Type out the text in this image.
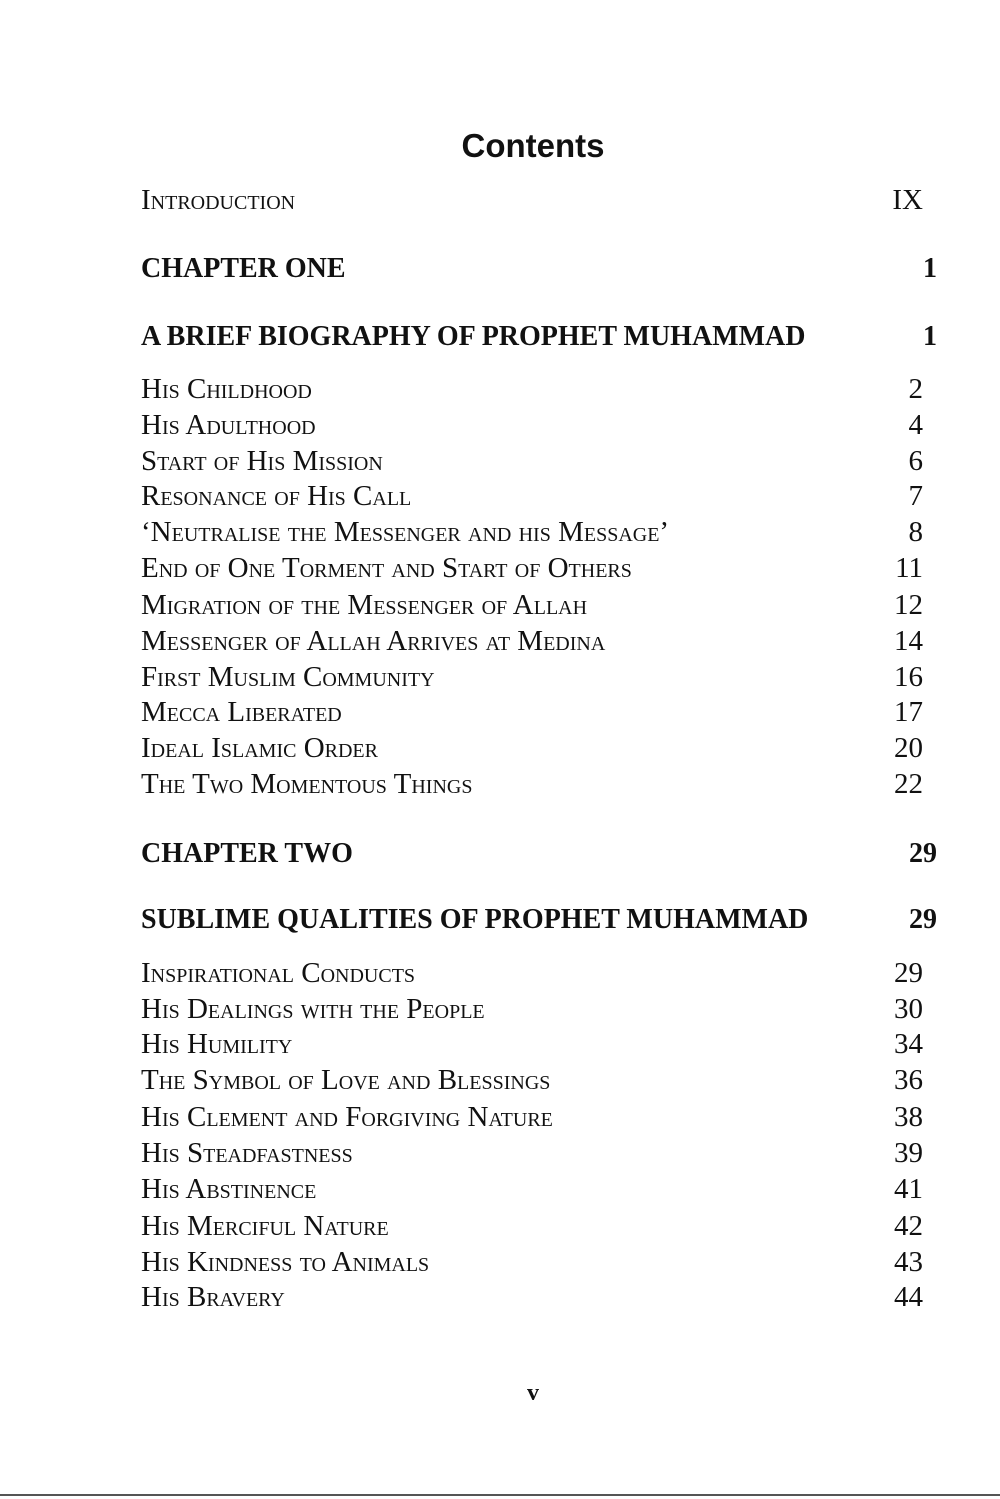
Contents
Introduction	IX
CHAPTER ONE	1
A BRIEF BIOGRAPHY OF PROPHET MUHAMMAD	1
His Childhood	2
His Adulthood	4
Start of His Mission	6
Resonance of His Call	7
‘Neutralise the Messenger and his Message’	8
End of One Torment and Start of Others	11
Migration of the Messenger of Allah	12
Messenger of Allah Arrives at Medina	14
First Muslim Community	16
Mecca Liberated	17
Ideal Islamic Order	20
The Two Momentous Things	22
CHAPTER TWO	29
SUBLIME QUALITIES OF PROPHET MUHAMMAD	29
Inspirational Conducts	29
His Dealings with the People	30
His Humility	34
The Symbol of Love and Blessings	36
His Clement and Forgiving Nature	38
His Steadfastness	39
His Abstinence	41
His Merciful Nature	42
His Kindness to Animals	43
His Bravery	44
v
